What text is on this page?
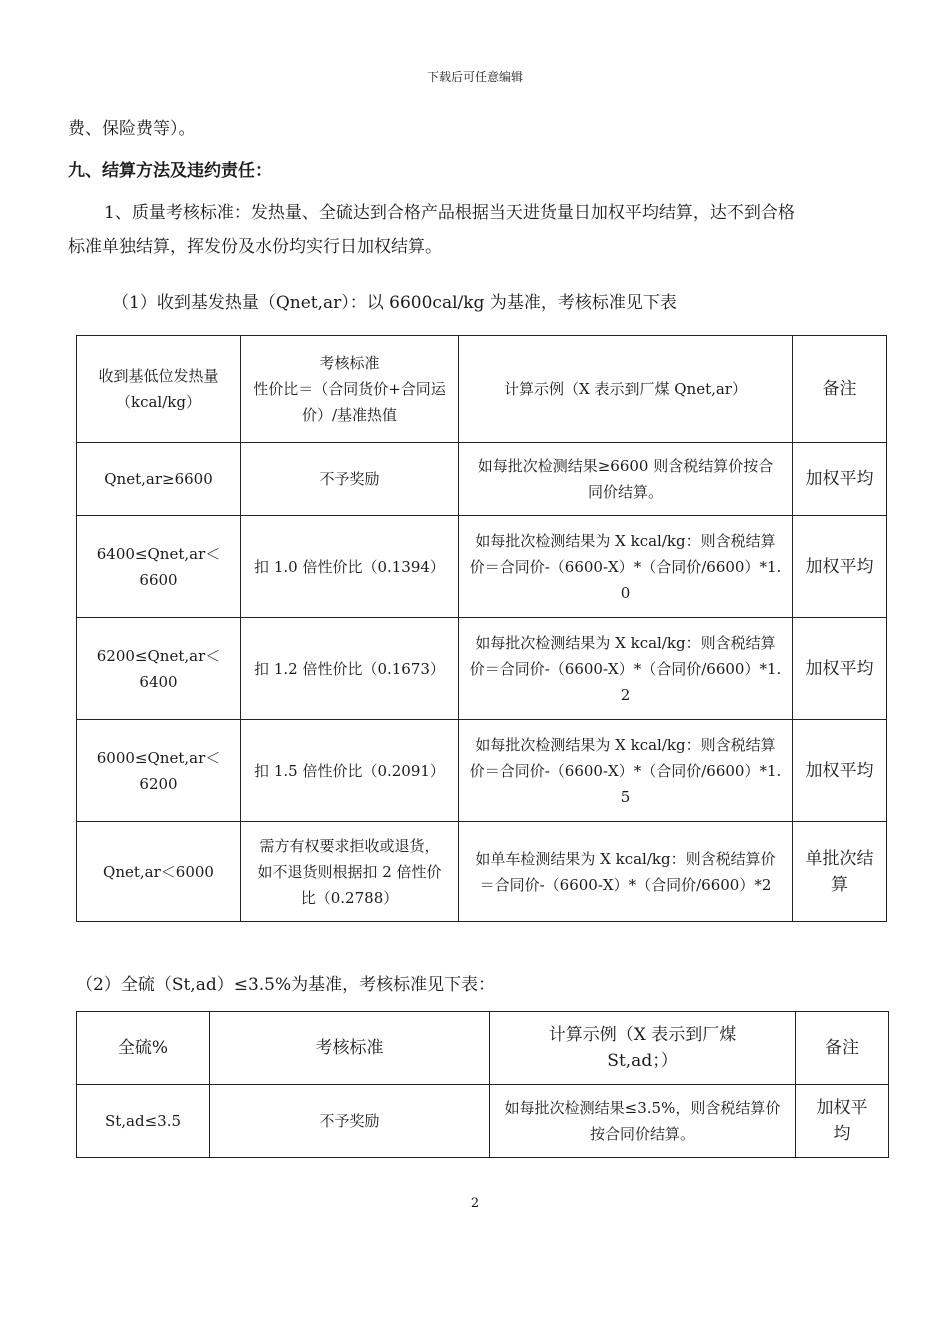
下载后可任意编辑
费、保险费等）。
九、结算方法及违约责任：
1、质量考核标准：发热量、全硫达到合格产品根据当天进货量日加权平均结算，达不到合格
标准单独结算，挥发份及水份均实行日加权结算。
（1）收到基发热量（Qnet,ar）：以 6600cal/kg 为基准，考核标准见下表
收到基低位发热量
（kcal/kg）	考核标准
性价比＝（合同货价+合同运
价）/基准热值	计算示例（X 表示到厂煤 Qnet,ar）	备注
Qnet,ar≥6600	不予奖励	如每批次检测结果≥6600 则含税结算价按合
同价结算。	加权平均
6400≤Qnet,ar＜6600	扣 1.0 倍性价比（0.1394）	如每批次检测结果为 X kcal/kg：则含税结算
价＝合同价-（6600-X）*（合同价/6600）*1.
0	加权平均
6200≤Qnet,ar＜6400	扣 1.2 倍性价比（0.1673）	如每批次检测结果为 X kcal/kg：则含税结算
价＝合同价-（6600-X）*（合同价/6600）*1.
2	加权平均
6000≤Qnet,ar＜6200	扣 1.5 倍性价比（0.2091）	如每批次检测结果为 X kcal/kg：则含税结算
价＝合同价-（6600-X）*（合同价/6600）*1.
5	加权平均
Qnet,ar＜6000	需方有权要求拒收或退货，
如不退货则根据扣 2 倍性价
比（0.2788）	如单车检测结果为 X kcal/kg：则含税结算价
＝合同价-（6600-X）*（合同价/6600）*2	单批次结
算
（2）全硫（St,ad）≤3.5%为基准，考核标准见下表：
全硫%	考核标准	计算示例（X 表示到厂煤
St,ad；）	备注
St,ad≤3.5	不予奖励	如每批次检测结果≤3.5%，则含税结算价
按合同价结算。	加权平
均
2
